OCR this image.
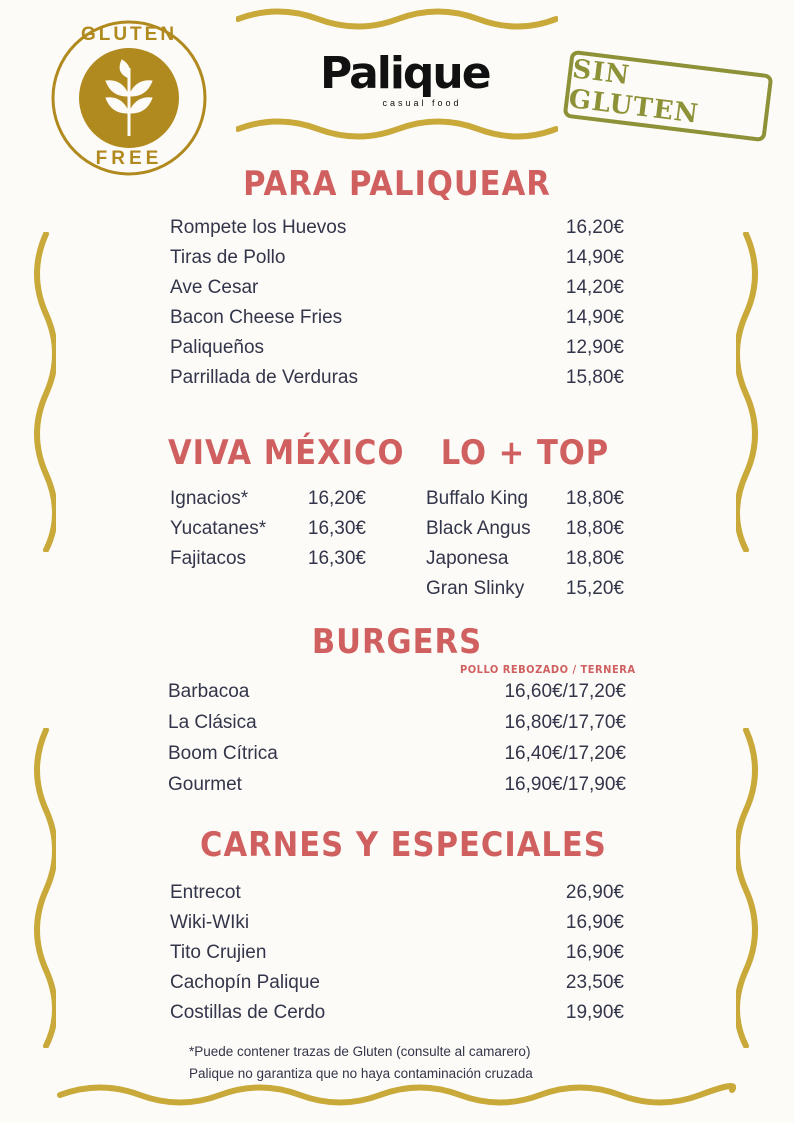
GLUTEN
FREE
Palique
casual food
SIN GLUTEN
PARA PALIQUEAR
Rompete los Huevos	16,20€
Tiras de Pollo	14,90€
Ave Cesar	14,20€
Bacon Cheese Fries	14,90€
Paliqueños	12,90€
Parrillada de Verduras	15,80€
VIVA MÉXICO
Ignacios*	16,20€
Yucatanes* 16,30€
Fajitacos	16,30€
LO + TOP
Buffalo King 18,80€
Black Angus 18,80€
Japonesa	18,80€
Gran Slinky 15,20€
BURGERS
POLLO REBOZADO / TERNERA
Barbacoa	16,60€/17,20€
La Clásica	16,80€/17,70€
Boom Cítrica	16,40€/17,20€
Gourmet	16,90€/17,90€
CARNES Y ESPECIALES
Entrecot	26,90€
Wiki-WIki	16,90€
Tito Crujien	16,90€
Cachopín Palique	23,50€
Costillas de Cerdo	19,90€
*Puede contener trazas de Gluten (consulte al camarero)
Palique no garantiza que no haya contaminación cruzada
